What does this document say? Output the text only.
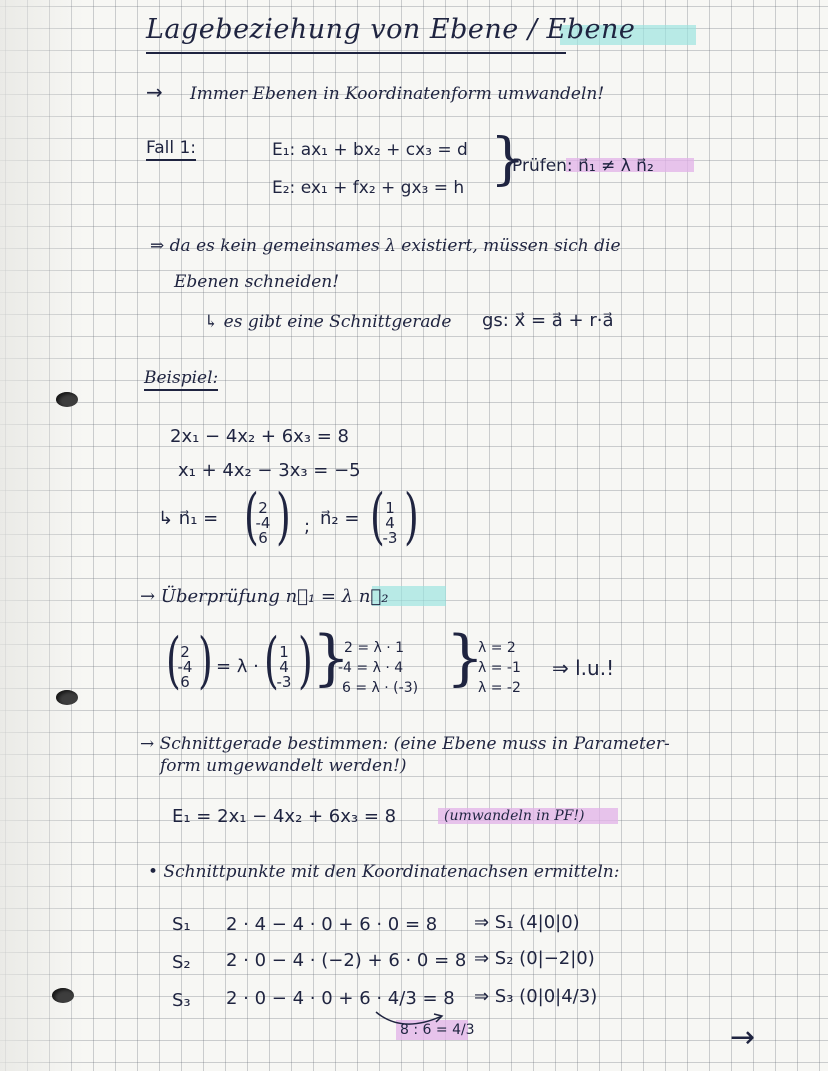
Lagebeziehung von Ebene / Ebene
→ Immer Ebenen in Koordinatenform umwandeln!
Fall 1:	E₁: ax₁ + bx₂ + cx₃ = d
E₂: ex₁ + fx₂ + gx₃ = h }
Prüfen: n⃗₁ ≠ λ n⃗₂
⇒ da es kein gemeinsames λ existiert, müssen sich die
Ebenen schneiden!
↳ es gibt eine Schnittgerade gs: x⃗ = a⃗ + r·a⃗
Beispiel:
2x₁ − 4x₂ + 6x₃ = 8
x₁ + 4x₂ − 3x₃ = −5
↳ n⃗₁ = ( 2
-4
6 ) ; n⃗₂ = ( 1
4
-3 )
→ Überprüfung n⃗₁ = λ n⃗₂
( 2
-4
6 ) = λ · ( 1
4
-3 ) }
2 = λ · 1
-4 = λ · 4
6 = λ · (-3) }
λ = 2
λ = -1
λ = -2
⇒ l.u.!
→ Schnittgerade bestimmen: (eine Ebene muss in Parameter-
form umgewandelt werden!)
E₁ = 2x₁ − 4x₂ + 6x₃ = 8	(umwandeln in PF!)
• Schnittpunkte mit den Koordinatenachsen ermitteln:
S₁ 2 · 4 − 4 · 0 + 6 · 0 = 8 ⇒ S₁ (4|0|0)
S₂ 2 · 0 − 4 · (−2) + 6 · 0 = 8 ⇒ S₂ (0|−2|0)
S₃ 2 · 0 − 4 · 0 + 6 · 4/3 = 8 ⇒ S₃ (0|0|4/3)
8 : 6 = 4/3	→
